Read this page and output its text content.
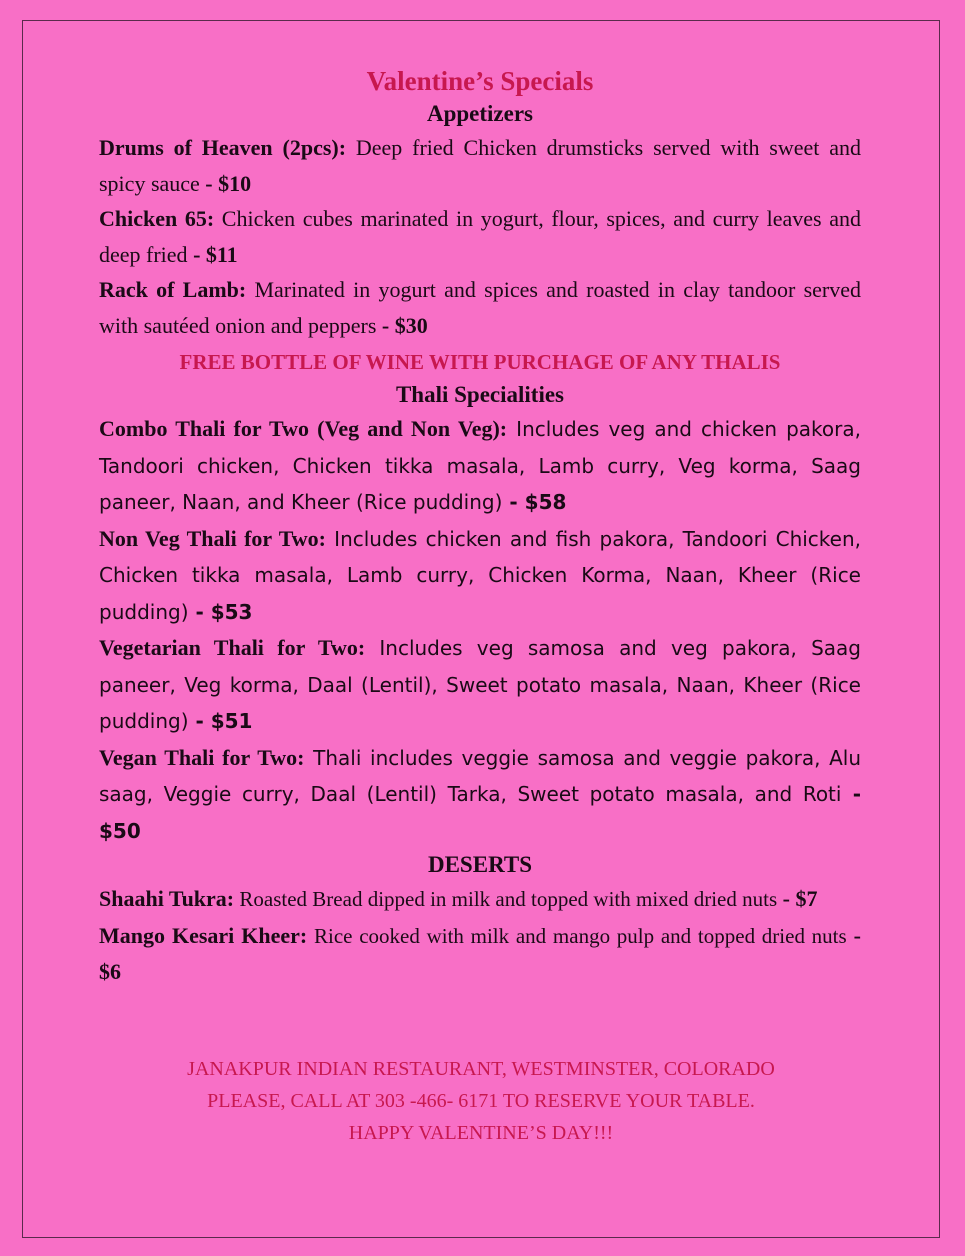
Valentine’s Specials
Appetizers

Drums of Heaven (2pcs): Deep fried Chicken drumsticks served with sweet and spicy sauce - $10

Chicken 65: Chicken cubes marinated in yogurt, flour, spices, and curry leaves and deep fried - $11

Rack of Lamb: Marinated in yogurt and spices and roasted in clay tandoor served with sautéed onion and peppers - $30

FREE BOTTLE OF WINE WITH PURCHAGE OF ANY THALIS
Thali Specialities

Combo Thali for Two (Veg and Non Veg): Includes veg and chicken pakora, Tandoori chicken, Chicken tikka masala, Lamb curry, Veg korma, Saag paneer, Naan, and Kheer (Rice pudding) - $58

Non Veg Thali for Two: Includes chicken and fish pakora, Tandoori Chicken, Chicken tikka masala, Lamb curry, Chicken Korma, Naan, Kheer (Rice pudding) - $53

Vegetarian Thali for Two: Includes veg samosa and veg pakora, Saag paneer, Veg korma, Daal (Lentil), Sweet potato masala, Naan, Kheer (Rice pudding) - $51

Vegan Thali for Two: Thali includes veggie samosa and veggie pakora, Alu saag, Veggie curry, Daal (Lentil) Tarka, Sweet potato masala, and Roti - $50

DESERTS

Shaahi Tukra: Roasted Bread dipped in milk and topped with mixed dried nuts - $7

Mango Kesari Kheer: Rice cooked with milk and mango pulp and topped dried nuts - $6

JANAKPUR INDIAN RESTAURANT, WESTMINSTER, COLORADO
PLEASE, CALL AT 303 -466- 6171 TO RESERVE YOUR TABLE.
HAPPY VALENTINE’S DAY!!!
